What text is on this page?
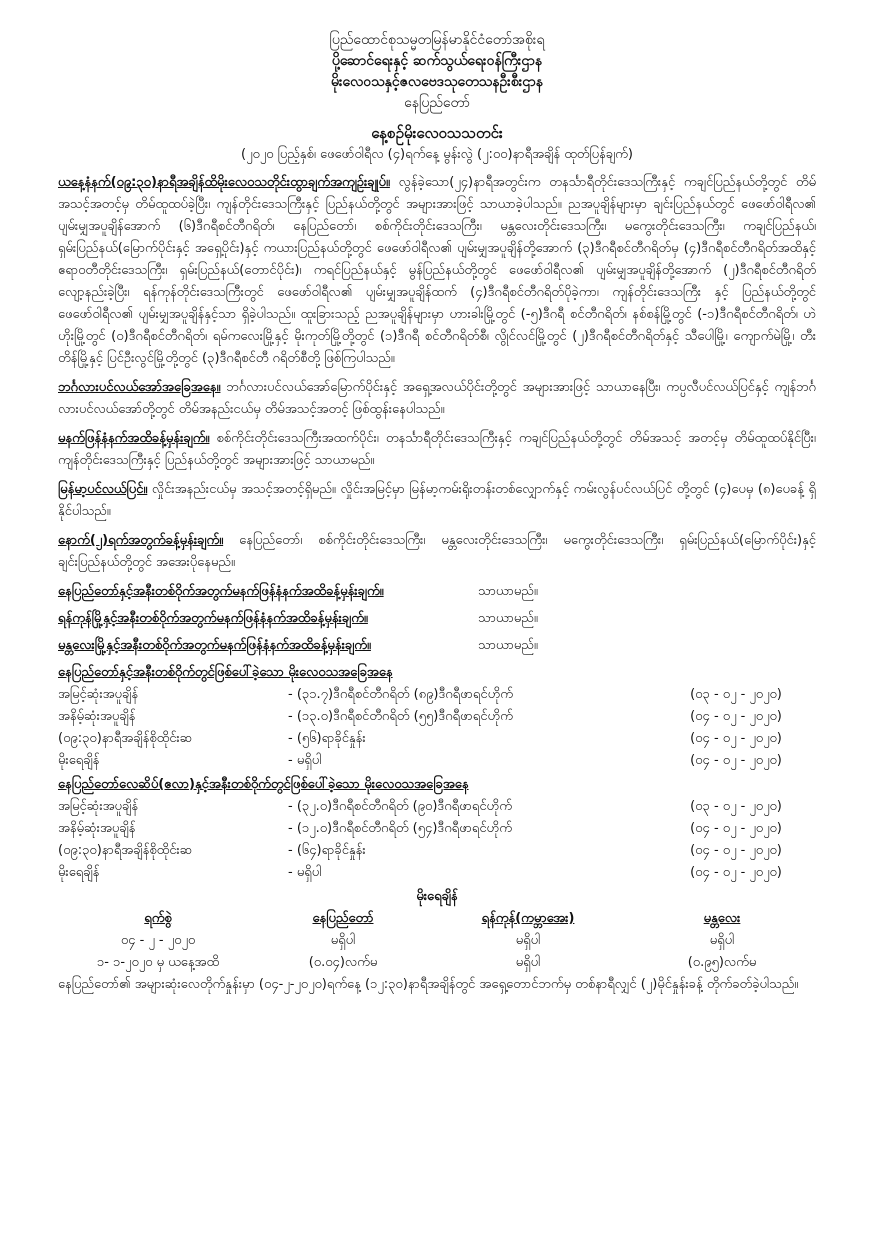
ပြည်ထောင်စုသမ္မတမြန်မာနိုင်ငံတော်အစိုးရ
ပို့ဆောင်ရေးနှင့် ဆက်သွယ်ရေးဝန်ကြီးဌာန
မိုးလေဝသနှင့်ဇလဗေဒသုတေသနဦးစီးဌာန
နေပြည်တော်
နေ့စဉ်မိုးလေဝသသတင်း
(၂၀၂၀ ပြည့်နှစ်၊ ဖေဖော်ဝါရီလ (၄)ရက်နေ့ မွန်းလွဲ (၂:၀၀)နာရီအချိန် ထုတ်ပြန်ချက်)

ယနေ့နံနက်(၀၉:၃၀)နာရီအချိန်ထိမိုးလေဝသတိုင်းထွာချက်အကျဉ်းချုပ်။ လွန်ခဲ့သော(၂၄)နာရီအတွင်းက တနင်္သာရီတိုင်းဒေသကြီးနှင့် ကချင်ပြည်နယ်တို့တွင် တိမ်အသင့်အတင့်မှ တိမ်ထူထပ်ခဲ့ပြီး၊ ကျန်တိုင်းဒေသကြီးနှင့် ပြည်နယ်တို့တွင် အများအားဖြင့် သာယာခဲ့ပါသည်။ ညအပူချိန်များမှာ ချင်းပြည်နယ်တွင် ဖေဖော်ဝါရီလ၏ ပျမ်းမျှအပူချိန်အောက် (၆)ဒီဂရီစင်တီဂရိတ်၊ နေပြည်တော်၊ စစ်ကိုင်းတိုင်းဒေသကြီး၊ မန္တလေးတိုင်းဒေသကြီး၊ မကွေးတိုင်းဒေသကြီး၊ ကချင်ပြည်နယ်၊ ရှမ်းပြည်နယ်(မြောက်ပိုင်းနှင့် အရှေ့ပိုင်း)နှင့် ကယားပြည်နယ်တို့တွင် ဖေဖော်ဝါရီလ၏ ပျမ်းမျှအပူချိန်တို့အောက် (၃)ဒီဂရီစင်တီဂရိတ်မှ (၄)ဒီဂရီစင်တီဂရိတ်အထိနှင့် ဧရာဝတီတိုင်းဒေသကြီး၊ ရှမ်းပြည်နယ်(တောင်ပိုင်း)၊ ကရင်ပြည်နယ်နှင့် မွန်ပြည်နယ်တို့တွင် ဖေဖော်ဝါရီလ၏ ပျမ်းမျှအပူချိန်တို့အောက် (၂)ဒီဂရီစင်တီဂရိတ် လျော့နည်းခဲ့ပြီး၊ ရန်ကုန်တိုင်းဒေသကြီးတွင် ဖေဖော်ဝါရီလ၏ ပျမ်းမျှအပူချိန်ထက် (၄)ဒီဂရီစင်တီဂရိတ်ပိုခဲ့ကာ၊ ကျန်တိုင်းဒေသကြီး နှင့် ပြည်နယ်တို့တွင် ဖေဖော်ဝါရီလ၏ ပျမ်းမျှအပူချိန်နှင့်သာ ရှိခဲ့ပါသည်။ ထူးခြားသည့် ညအပူချိန်များမှာ ဟားခါးမြို့တွင် (-၅)ဒီဂရီ စင်တီဂရိတ်၊ နစ်စန်မြို့တွင် (-၁)ဒီဂရီစင်တီဂရိတ်၊ ဟဲဟိုးမြို့တွင် (၀)ဒီဂရီစင်တီဂရိတ်၊ ရမ်ကလေးမြို့နှင့် မိုးကုတ်မြို့တို့တွင် (၁)ဒီဂရီ စင်တီဂရိတ်စီ၊ လွိုင်လင်မြို့တွင် (၂)ဒီဂရီစင်တီဂရိတ်နှင့် သီပေါမြို့၊ ကျောက်မဲမြို့၊ တီးတိန်မြို့နှင့် ပြင်ဦးလွင်မြို့တို့တွင် (၃)ဒီဂရီစင်တီ ဂရိတ်စီတို့ ဖြစ်ကြပါသည်။

ဘင်္ဂလားပင်လယ်အော်အခြေအနေ။ ဘင်္ဂလားပင်လယ်အော်မြောက်ပိုင်းနှင့် အရှေ့အလယ်ပိုင်းတို့တွင် အများအားဖြင့် သာယာနေပြီး၊ ကပ္ပလီပင်လယ်ပြင်နှင့် ကျန်ဘင်္ဂလားပင်လယ်အော်တို့တွင် တိမ်အနည်းငယ်မှ တိမ်အသင့်အတင့် ဖြစ်ထွန်းနေပါသည်။

မနက်ဖြန်နံနက်အထိခန့်မှန်းချက်။ စစ်ကိုင်းတိုင်းဒေသကြီးအထက်ပိုင်း၊ တနင်္သာရီတိုင်းဒေသကြီးနှင့် ကချင်ပြည်နယ်တို့တွင် တိမ်အသင့် အတင့်မှ တိမ်ထူထပ်နိုင်ပြီး၊ ကျန်တိုင်းဒေသကြီးနှင့် ပြည်နယ်တို့တွင် အများအားဖြင့် သာယာမည်။

မြန်မာ့ပင်လယ်ပြင်။ လှိုင်းအနည်းငယ်မှ အသင့်အတင့်ရှိမည်။ လှိုင်းအမြင့်မှာ မြန်မာ့ကမ်းရိုးတန်းတစ်လျှောက်နှင့် ကမ်းလွန်ပင်လယ်ပြင် တို့တွင် (၄)ပေမှ (၈)ပေခန့် ရှိနိုင်ပါသည်။

နောက်(၂)ရက်အတွက်ခန့်မှန်းချက်။ နေပြည်တော်၊ စစ်ကိုင်းတိုင်းဒေသကြီး၊ မန္တလေးတိုင်းဒေသကြီး၊ မကွေးတိုင်းဒေသကြီး၊ ရှမ်းပြည်နယ်(မြောက်ပိုင်း)နှင့် ချင်းပြည်နယ်တို့တွင် အအေးပိုနေမည်။

နေပြည်တော်နှင့်အနီးတစ်ဝိုက်အတွက်မနက်ဖြန်နံနက်အထိခန့်မှန်းချက်။	သာယာမည်။
ရန်ကုန်မြို့နှင့်အနီးတစ်ဝိုက်အတွက်မနက်ဖြန်နံနက်အထိခန့်မှန်းချက်။	သာယာမည်။
မန္တလေးမြို့နှင့်အနီးတစ်ဝိုက်အတွက်မနက်ဖြန်နံနက်အထိခန့်မှန်းချက်။	သာယာမည်။
နေပြည်တော်နှင့်အနီးတစ်ဝိုက်တွင်ဖြစ်ပေါ်ခဲ့သော မိုးလေဝသအခြေအနေ
အမြင့်ဆုံးအပူချိန်	- (၃၁.၇)ဒီဂရီစင်တီဂရိတ် (၈၉)ဒီဂရီဖာရင်ဟိုက်	(၀၃ - ၀၂ - ၂၀၂၀)
အနိမ့်ဆုံးအပူချိန်	- (၁၃.၀)ဒီဂရီစင်တီဂရိတ် (၅၅)ဒီဂရီဖာရင်ဟိုက်	(၀၄ - ၀၂ - ၂၀၂၀)
(၀၉:၃၀)နာရီအချိန်စိုထိုင်းဆ	- (၅၆)ရာခိုင်နှုန်း	(၀၄ - ၀၂ - ၂၀၂၀)
မိုးရေချိန်	- မရှိပါ	(၀၄ - ၀၂ - ၂၀၂၀)
နေပြည်တော်လေဆိပ်(ဧလာ)နှင့်အနီးတစ်ဝိုက်တွင်ဖြစ်ပေါ်ခဲ့သော မိုးလေဝသအခြေအနေ
အမြင့်ဆုံးအပူချိန်	- (၃၂.၀)ဒီဂရီစင်တီဂရိတ် (၉၀)ဒီဂရီဖာရင်ဟိုက်	(၀၃ - ၀၂ - ၂၀၂၀)
အနိမ့်ဆုံးအပူချိန်	- (၁၂.၀)ဒီဂရီစင်တီဂရိတ် (၅၄)ဒီဂရီဖာရင်ဟိုက်	(၀၄ - ၀၂ - ၂၀၂၀)
(၀၉:၃၀)နာရီအချိန်စိုထိုင်းဆ	- (၆၄)ရာခိုင်နှုန်း	(၀၄ - ၀၂ - ၂၀၂၀)
မိုးရေချိန်	- မရှိပါ	(၀၄ - ၀၂ - ၂၀၂၀)
မိုးရေချိန်
ရက်စွဲ	နေပြည်တော်	ရန်ကုန်(ကမ္ဘာအေး)	မန္တလေး
၀၄ - ၂ - ၂၀၂၀	မရှိပါ	မရှိပါ	မရှိပါ
၁- ၁-၂၀၂၀ မှ ယနေ့အထိ	(၀.၀၄)လက်မ	မရှိပါ	(၀.၉၅)လက်မ

နေပြည်တော်၏ အများဆုံးလေတိုက်နှုန်းမှာ (၀၄-၂-၂၀၂၀)ရက်နေ့ (၁၂:၃၀)နာရီအချိန်တွင် အရှေ့တောင်ဘက်မှ တစ်နာရီလျှင် (၂)မိုင်နှုန်းခန့် တိုက်ခတ်ခဲ့ပါသည်။
